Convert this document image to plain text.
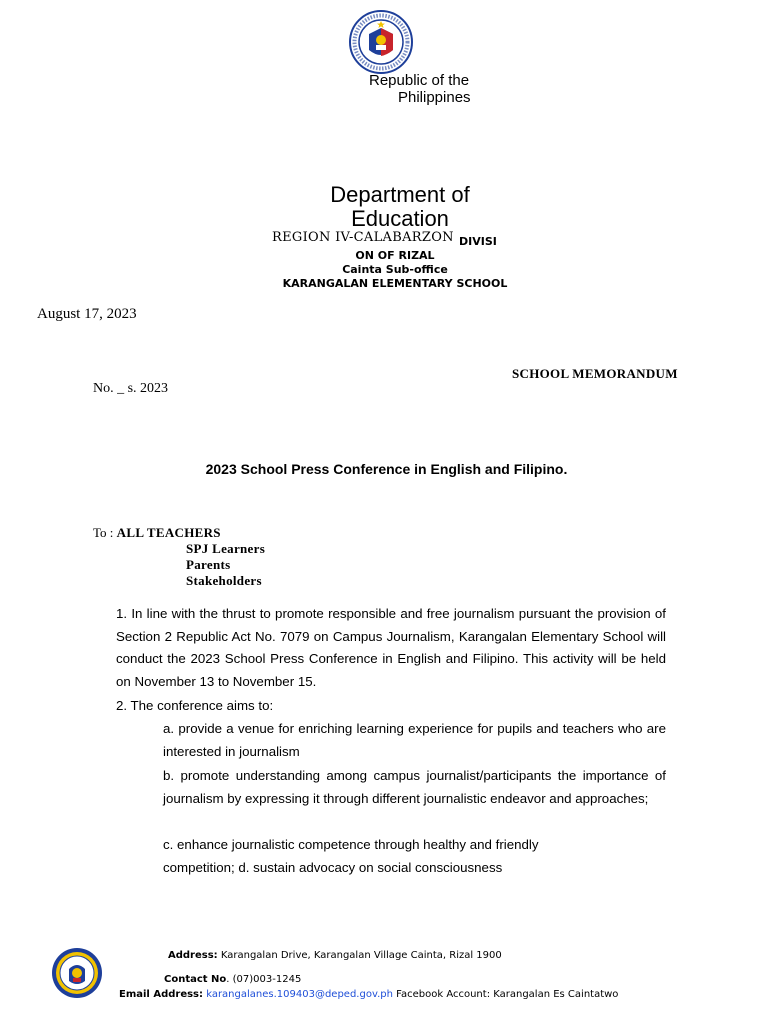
Republic of the
Philippines
Department of
Education
REGION IV-CALABARZON DIVISI
ON OF RIZAL
Cainta Sub-office
KARANGALAN ELEMENTARY SCHOOL
August 17, 2023
SCHOOL MEMORANDUM
No. _ s. 2023
2023 School Press Conference in English and Filipino.
To : ALL TEACHERS
SPJ Learners
Parents
Stakeholders
1. In line with the thrust to promote responsible and free journalism pursuant the provision of Section 2 Republic Act No. 7079 on Campus Journalism, Karangalan Elementary School will conduct the 2023 School Press Conference in English and Filipino. This activity will be held on November 13 to November 15.
2. The conference aims to:
a. provide a venue for enriching learning experience for pupils and teachers who are interested in journalism
b. promote understanding among campus journalist/participants the importance of journalism by expressing it through different journalistic endeavor and approaches;
c. enhance journalistic competence through healthy and friendly
competition; d. sustain advocacy on social consciousness
Address: Karangalan Drive, Karangalan Village Cainta, Rizal 1900
Contact No. (07)003-1245
Email Address: karangalanes.109403@deped.gov.ph Facebook Account: Karangalan Es Caintatwo
